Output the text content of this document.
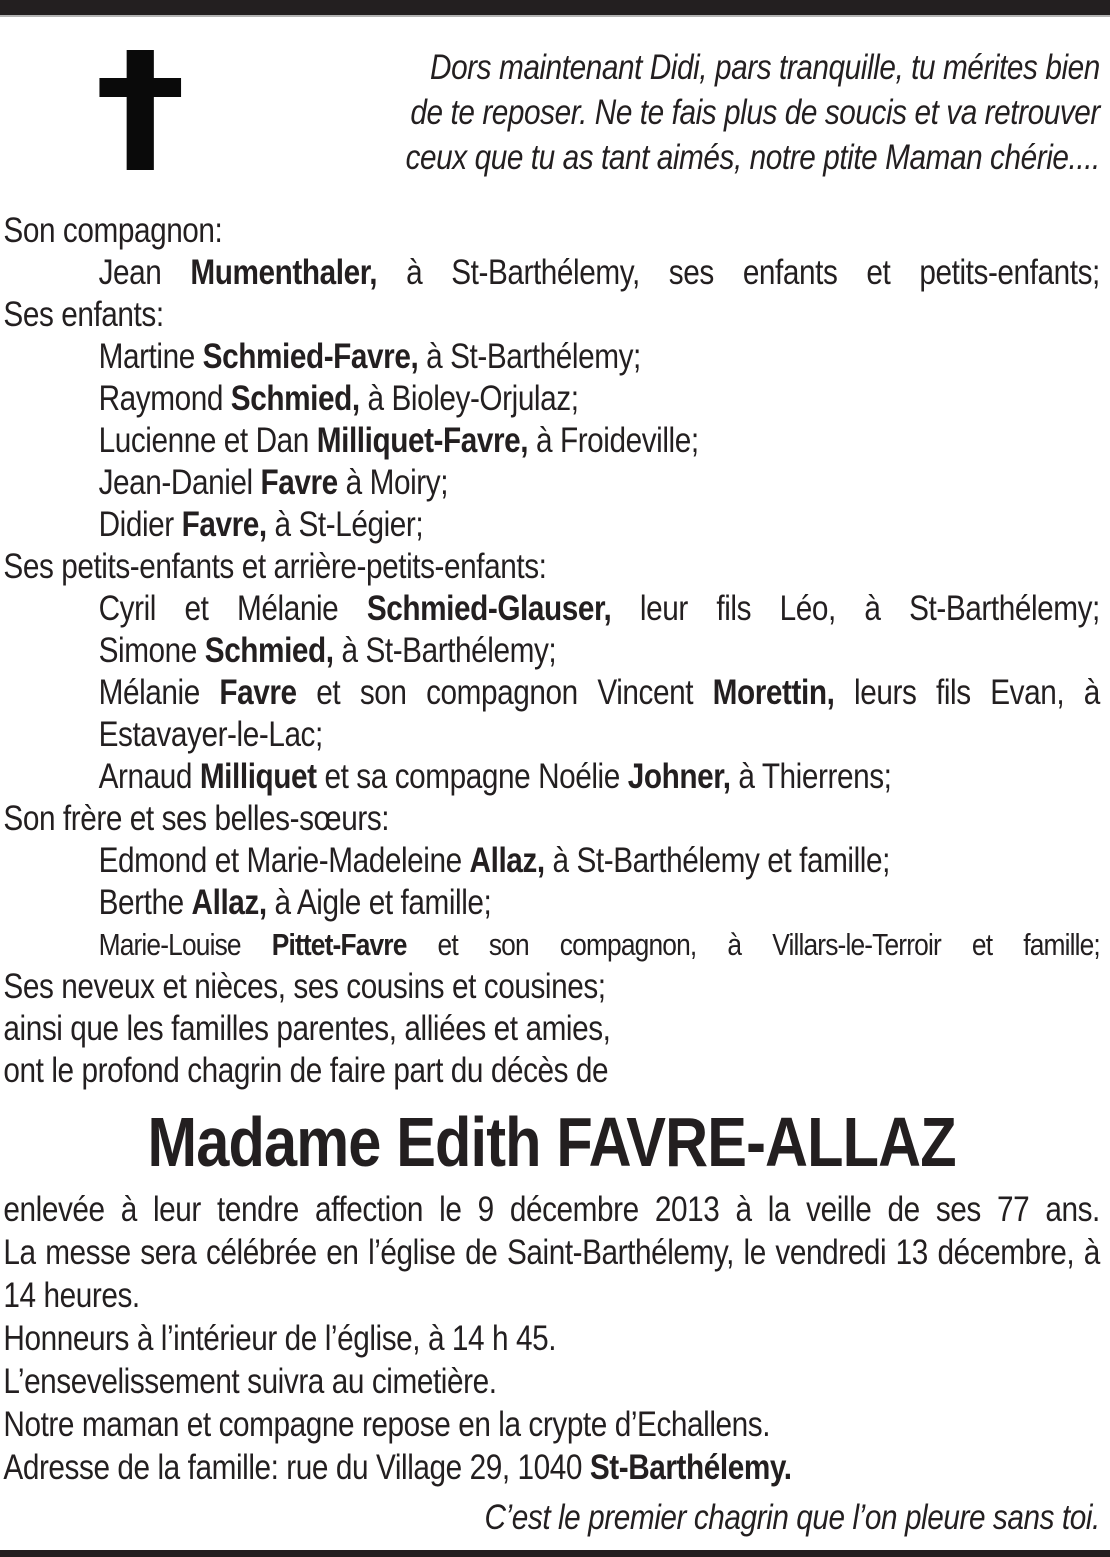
Dors maintenant Didi, pars tranquille, tu mérites bien
de te reposer. Ne te fais plus de soucis et va retrouver
ceux que tu as tant aimés, notre ptite Maman chérie....

Son compagnon:

Jean Mumenthaler, à St-Barthélemy, ses enfants et petits-enfants;

Ses enfants:

Martine Schmied-Favre, à St-Barthélemy;

Raymond Schmied, à Bioley-Orjulaz;

Lucienne et Dan Milliquet-Favre, à Froideville;

Jean-Daniel Favre à Moiry;

Didier Favre, à St-Légier;

Ses petits-enfants et arrière-petits-enfants:

Cyril et Mélanie Schmied-Glauser, leur fils Léo, à St-Barthélemy;

Simone Schmied, à St-Barthélemy;

Mélanie Favre et son compagnon Vincent Morettin, leurs fils Evan, à Estavayer-le-Lac;

Arnaud Milliquet et sa compagne Noélie Johner, à Thierrens;

Son frère et ses belles-sœurs:

Edmond et Marie-Madeleine Allaz, à St-Barthélemy et famille;

Berthe Allaz, à Aigle et famille;

Marie-Louise Pittet-Favre et son compagnon, à Villars-le-Terroir et famille;

Ses neveux et nièces, ses cousins et cousines;

ainsi que les familles parentes, alliées et amies,

ont le profond chagrin de faire part du décès de

Madame Edith FAVRE-ALLAZ

enlevée à leur tendre affection le 9 décembre 2013 à la veille de ses 77 ans.

La messe sera célébrée en l’église de Saint-Barthélemy, le vendredi 13 décembre, à 14 heures.

Honneurs à l’intérieur de l’église, à 14 h 45.

L’ensevelissement suivra au cimetière.

Notre maman et compagne repose en la crypte d’Echallens.

Adresse de la famille: rue du Village 29, 1040 St-Barthélemy.

C’est le premier chagrin que l’on pleure sans toi.
